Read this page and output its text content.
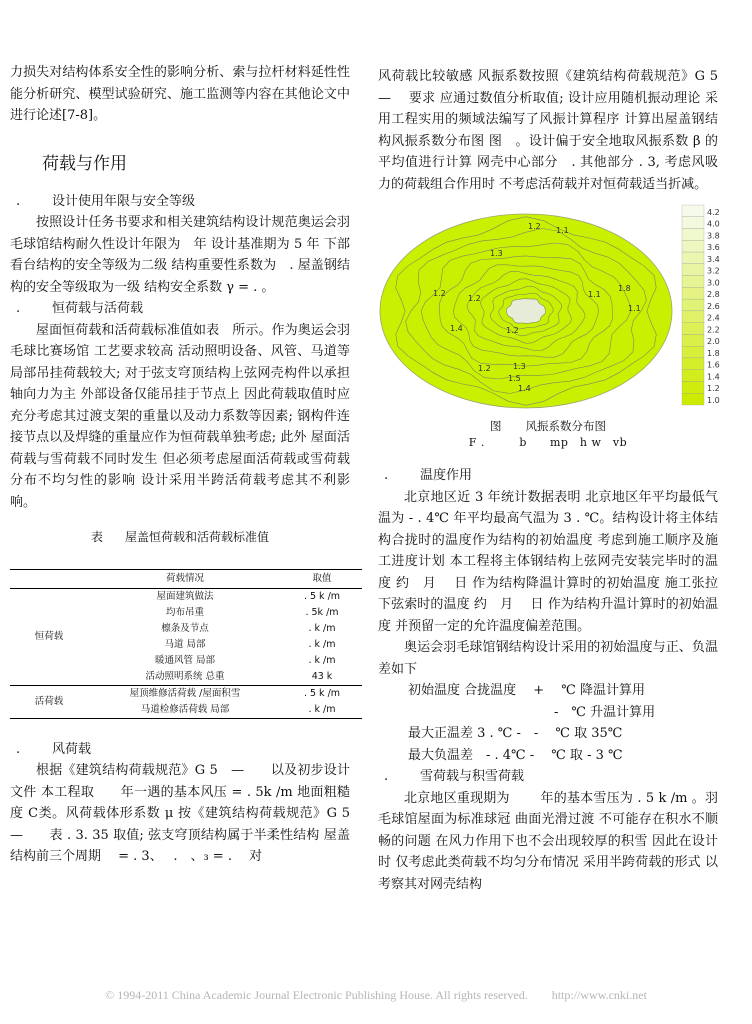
力损失对结构体系安全性的影响分析、索与拉杆材料延性性能分析研究、模型试验研究、施工监测等内容在其他论文中进行论述[7-8]。

荷载与作用
. 设计使用年限与安全等级

按照设计任务书要求和相关建筑结构设计规范奥运会羽毛球馆结构耐久性设计年限为　年 设计基准期为 5 年 下部看台结构的安全等级为二级 结构重要性系数为　. 屋盖钢结构的安全等级取为一级 结构安全系数 γ = . 。

. 恒荷载与活荷载

屋面恒荷载和活荷载标准值如表　所示。作为奥运会羽毛球比赛场馆 工艺要求较高 活动照明设备、风管、马道等局部吊挂荷载较大; 对于弦支穹顶结构上弦网壳构件以承担轴向力为主 外部设备仅能吊挂于节点上 因此荷载取值时应充分考虑其过渡支架的重量以及动力系数等因素; 钢构件连接节点以及焊缝的重量应作为恒荷载单独考虑; 此外 屋面活荷载与雪荷载不同时发生 但必须考虑屋面活荷载或雪荷载分布不均匀性的影响 设计采用半跨活荷载考虑其不利影响。

表 屋盖恒荷载和活荷载标准值
	荷载情况	取值
恒荷载	屋面建筑做法	. 5 k /m
	均布吊重	. 5k /m
	檩条及节点	. k /m
	马道 局部	. k /m
	暖通风管 局部	. k /m
	活动照明系统 总重	43 k
活荷载	屋顶维修活荷载 /屋面积雪	. 5 k /m
	马道检修活荷载 局部	. k /m
. 风荷载

根据《建筑结构荷载规范》G 5　—　　以及初步设计文件 本工程取　　年一遇的基本风压 = . 5k /m 地面粗糙度 C类。风荷载体形系数 μ 按《建筑结构荷载规范》G 5　—　　表 . 3. 35 取值; 弦支穹顶结构属于半柔性结构 屋盖结构前三个周期　 = . 3、　 .　、₃ = .　 对

风荷载比较敏感 风振系数按照《建筑结构荷载规范》G 5　—　 要求 应通过数值分析取值; 设计应用随机振动理论 采用工程实用的频域法编写了风振计算程序 计算出屋盖钢结构风振系数分布图 图　。设计偏于安全地取风振系数 β 的平均值进行计算 网壳中心部分　. 其他部分 . 3, 考虑风吸力的荷载组合作用时 不考虑活荷载并对恒荷载适当折减。

1.2 1.1
1.3
1.2
1.2	1.1
1.4	1.2
1.8
1.1
1.2	1.3
1.5
1.4
4.2
4.0
3.8
3.6
3.4
3.2
3.0
2.8
2.6
2.4
2.2
2.0
1.8
1.6
1.4
1.2
1.0
图 风振系数分布图
F .　　　b　　mp　h w　vb
. 温度作用

北京地区近 3 年统计数据表明 北京地区年平均最低气温为 - . 4℃ 年平均最高气温为 3 . ℃。结构设计将主体结构合拢时的温度作为结构的初始温度 考虑到施工顺序及施工进度计划 本工程将主体钢结构上弦网壳安装完毕时的温度 约　月　 日 作为结构降温计算时的初始温度 施工张拉下弦索时的温度 约　月　 日 作为结构升温计算时的初始温度 并预留一定的允许温度偏差范围。

奥运会羽毛球馆钢结构设计采用的初始温度与正、负温差如下

初始温度 合拢温度　 +　 ℃ 降温计算用

-　℃ 升温计算用

最大正温差 3 . ℃ -　-　 ℃ 取 35℃

最大负温差　- . 4℃ -　 ℃ 取 - 3 ℃

. 雪荷载与积雪荷载

北京地区重现期为　　 年的基本雪压为 . 5 k /m 。羽毛球馆屋面为标准球冠 曲面光滑过渡 不可能存在积水不顺畅的问题 在风力作用下也不会出现较厚的积雪 因此在设计时 仅考虑此类荷载不均匀分布情况 采用半跨荷载的形式 以考察其对网壳结构

© 1994-2011 China Academic Journal Electronic Publishing House. All rights reserved.　　http://www.cnki.net
